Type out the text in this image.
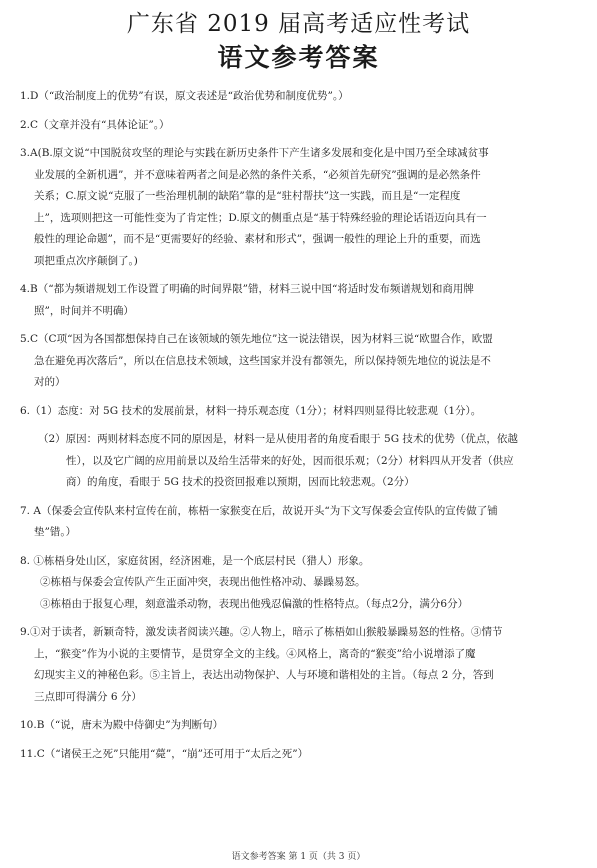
广东省 2019 届高考适应性考试
语文参考答案
1.D（“政治制度上的优势”有误，原文表述是“政治优势和制度优势”。）
2.C（文章并没有“具体论证”。）
3.A(B.原文说“中国脱贫攻坚的理论与实践在新历史条件下产生诸多发展和变化是中国乃至全球减贫事
业发展的全新机遇”，并不意味着两者之间是必然的条件关系，“必须首先研究”强调的是必然条件
关系；C.原文说“克服了一些治理机制的缺陷”靠的是“驻村帮扶”这一实践，而且是“一定程度
上”，选项则把这一可能性变为了肯定性；D.原文的侧重点是“基于特殊经验的理论话语迈向具有一
般性的理论命题”，而不是“更需要好的经验、素材和形式”，强调一般性的理论上升的重要，而选
项把重点次序颠倒了。)
4.B（“都为频谱规划工作设置了明确的时间界限”错，材料三说中国“将适时发布频谱规划和商用牌
照”，时间并不明确）
5.C（C项“因为各国都想保持自己在该领域的领先地位”这一说法错误，因为材料三说“欧盟合作，欧盟
急在避免再次落后”，所以在信息技术领域，这些国家并没有都领先，所以保持领先地位的说法是不
对的）
6.（1）态度：对 5G 技术的发展前景，材料一持乐观态度（1分）；材料四则显得比较悲观（1分）。
（2）原因：两则材料态度不同的原因是，材料一是从使用者的角度看眼于 5G 技术的优势（优点，依越
性），以及它广阔的应用前景以及给生活带来的好处，因而很乐观；（2分）材料四从开发者（供应
商）的角度，看眼于 5G 技术的投资回报难以预期，因而比较悲观。（2分）
7. A（保委会宣传队来村宣传在前，栋梧一家猴变在后，故说开头“为下文写保委会宣传队的宣传做了铺
垫”错。）
8. ①栋梧身处山区，家庭贫困，经济困难，是一个底层村民（猎人）形象。
②栋梧与保委会宣传队产生正面冲突，表现出他性格冲动、暴躁易怒。
③栋梧由于报复心理，刻意滥杀动物，表现出他残忍偏激的性格特点。（每点2分，满分6分）
9.①对于读者，新颖奇特，激发读者阅读兴趣。②人物上，暗示了栋梧如山猴般暴躁易怒的性格。③情节
上，“猴变”作为小说的主要情节，是贯穿全文的主线。④风格上，离奇的“猴变”给小说增添了魔
幻现实主义的神秘色彩。⑤主旨上，表达出动物保护、人与环境和谐相处的主旨。（每点 2 分，答到
三点即可得满分 6 分）
10.B（“说，唐末为殿中侍御史”为判断句）
11.C（“诸侯王之死”只能用“薨”，“崩”还可用于“太后之死”）
语文参考答案 第 1 页（共 3 页）
